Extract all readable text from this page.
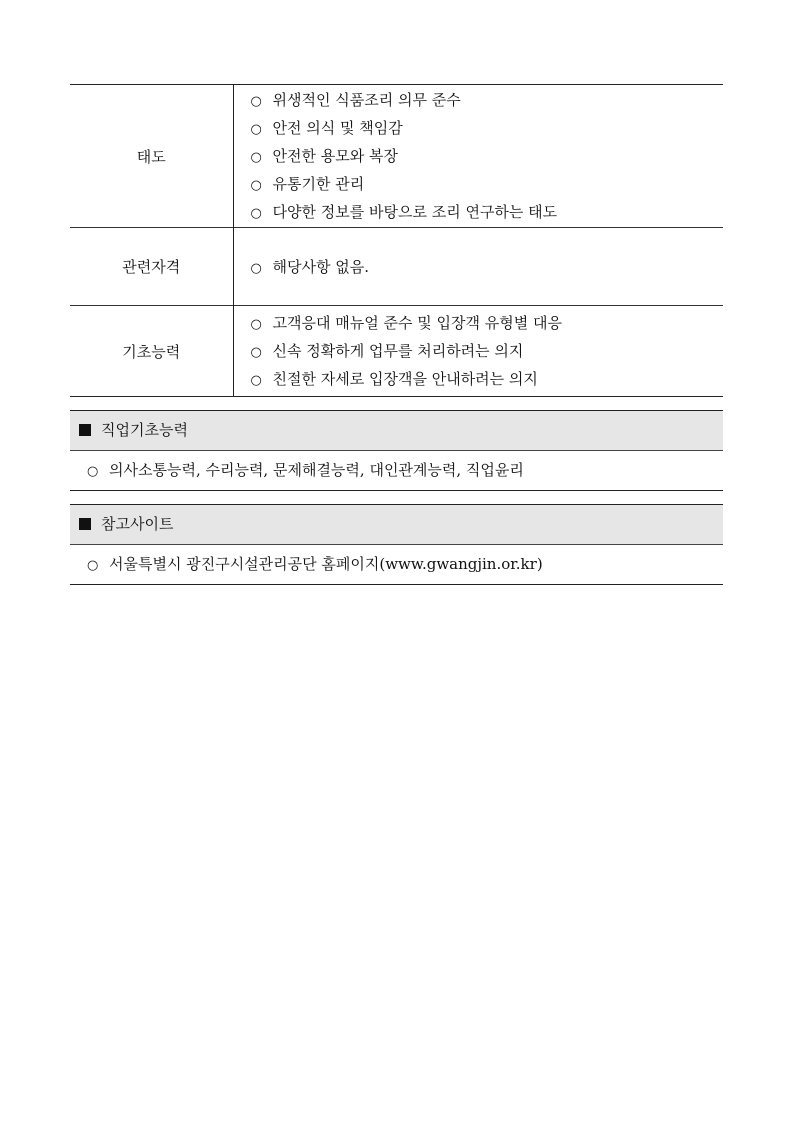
태도	○ 위생적인 식품조리 의무 준수
○ 안전 의식 및 책임감
○ 안전한 용모와 복장
○ 유통기한 관리
○ 다양한 정보를 바탕으로 조리 연구하는 태도

관련자격	○ 해당사항 없음.

기초능력	○ 고객응대 매뉴얼 준수 및 입장객 유형별 대응
○ 신속 정확하게 업무를 처리하려는 의지
○ 친절한 자세로 입장객을 안내하려는 의지
직업기초능력
○ 의사소통능력, 수리능력, 문제해결능력, 대인관계능력, 직업윤리
참고사이트
○ 서울특별시 광진구시설관리공단 홈페이지(www.gwangjin.or.kr)
